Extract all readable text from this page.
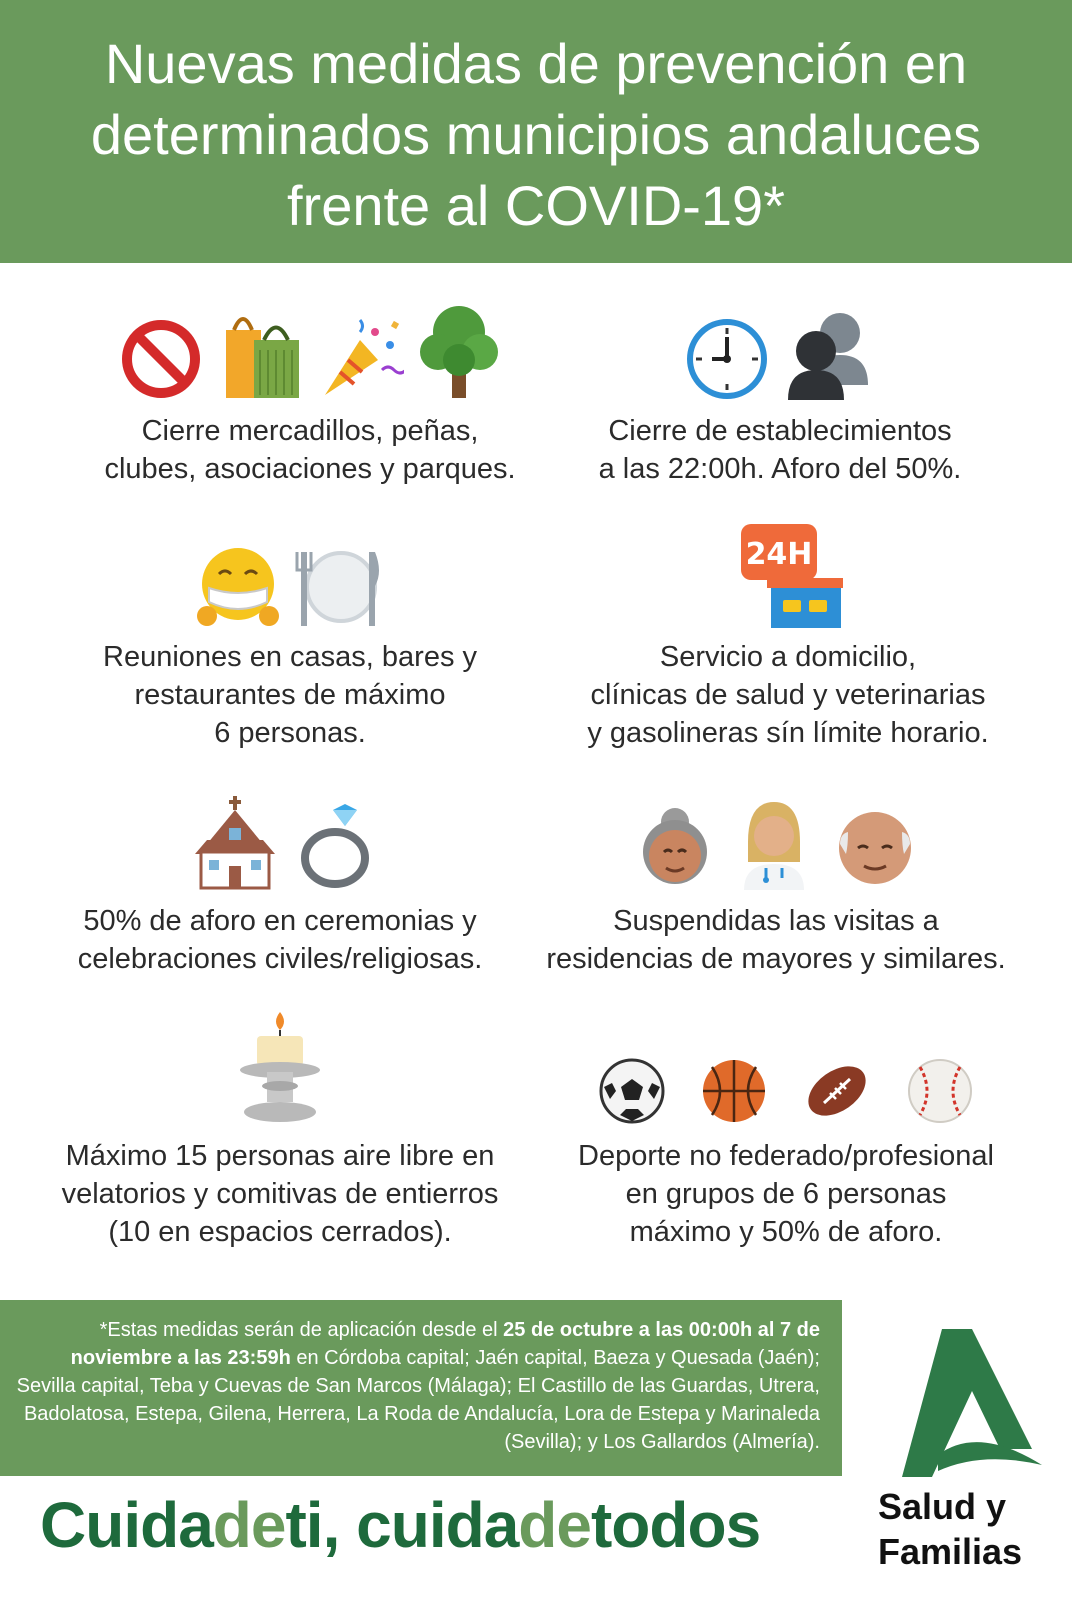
Nuevas medidas de prevención en
determinados municipios andaluces
frente al COVID-19*

Cierre mercadillos, peñas,
clubes, asociaciones y parques.

Cierre de establecimientos
a las 22:00h. Aforo del 50%.

Reuniones en casas, bares y
restaurantes de máximo
6 personas.

24H

Servicio a domicilio,
clínicas de salud y veterinarias
y gasolineras sín límite horario.

50% de aforo en ceremonias y
celebraciones civiles/religiosas.

Suspendidas las visitas a
residencias de mayores y similares.

Máximo 15 personas aire libre en
velatorios y comitivas de entierros
(10 en espacios cerrados).

Deporte no federado/profesional
en grupos de 6 personas
máximo y 50% de aforo.

*Estas medidas serán de aplicación desde el 25 de octubre a las 00:00h al 7 de noviembre a las 23:59h en Córdoba capital; Jaén capital, Baeza y Quesada (Jaén); Sevilla capital, Teba y Cuevas de San Marcos (Málaga); El Castillo de las Guardas, Utrera, Badolatosa, Estepa, Gilena, Herrera, La Roda de Andalucía, Lora de Estepa y Marinaleda (Sevilla); y Los Gallardos (Almería).
Cuidadeti, cuidadetodos	Salud y
Familias
